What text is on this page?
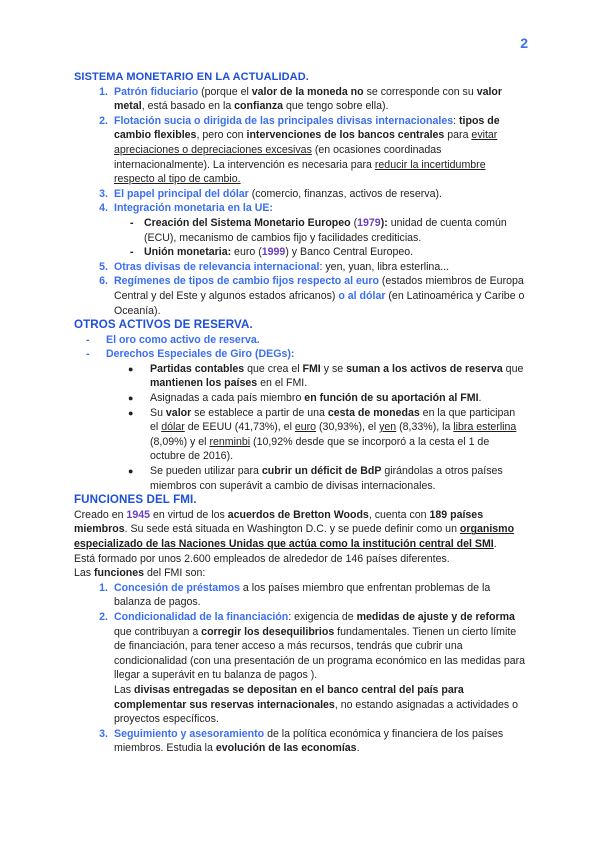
2
SISTEMA MONETARIO EN LA ACTUALIDAD.
1. Patrón fiduciario (porque el valor de la moneda no se corresponde con su valor metal, está basado en la confianza que tengo sobre ella).
2. Flotación sucia o dirigida de las principales divisas internacionales: tipos de cambio flexibles, pero con intervenciones de los bancos centrales para evitar apreciaciones o depreciaciones excesivas (en ocasiones coordinadas internacionalmente). La intervención es necesaria para reducir la incertidumbre respecto al tipo de cambio.
3. El papel principal del dólar (comercio, finanzas, activos de reserva).
4. Integración monetaria en la UE:
- Creación del Sistema Monetario Europeo (1979): unidad de cuenta común (ECU), mecanismo de cambios fijo y facilidades crediticias.
- Unión monetaria: euro (1999) y Banco Central Europeo.
5. Otras divisas de relevancia internacional: yen, yuan, libra esterlina...
6. Regímenes de tipos de cambio fijos respecto al euro (estados miembros de Europa Central y del Este y algunos estados africanos) o al dólar (en Latinoamérica y Caribe o Oceanía).
OTROS ACTIVOS DE RESERVA.
-	El oro como activo de reserva.
-	Derechos Especiales de Giro (DEGs):
●	Partidas contables que crea el FMI y se suman a los activos de reserva que mantienen los países en el FMI.
●	Asignadas a cada país miembro en función de su aportación al FMI.
●	Su valor se establece a partir de una cesta de monedas en la que participan el dólar de EEUU (41,73%), el euro (30,93%), el yen (8,33%), la libra esterlina (8,09%) y el renminbi (10,92% desde que se incorporó a la cesta el 1 de octubre de 2016).
●	Se pueden utilizar para cubrir un déficit de BdP girándolas a otros países miembros con superávit a cambio de divisas internacionales.
FUNCIONES DEL FMI.
Creado en 1945 en virtud de los acuerdos de Bretton Woods, cuenta con 189 países miembros. Su sede está situada en Washington D.C. y se puede definir como un organismo especializado de las Naciones Unidas que actúa como la institución central del SMI.
Está formado por unos 2.600 empleados de alrededor de 146 países diferentes.
Las funciones del FMI son:
1. Concesión de préstamos a los países miembro que enfrentan problemas de la balanza de pagos.
2. Condicionalidad de la financiación: exigencia de medidas de ajuste y de reforma que contribuyan a corregir los desequilibrios fundamentales. Tienen un cierto límite de financiación, para tener acceso a más recursos, tendrás que cubrir una condicionalidad (con una presentación de un programa económico en las medidas para llegar a superávit en tu balanza de pagos ).
Las divisas entregadas se depositan en el banco central del país para complementar sus reservas internacionales, no estando asignadas a actividades o proyectos específicos.
3. Seguimiento y asesoramiento de la política económica y financiera de los países miembros. Estudia la evolución de las economías.
